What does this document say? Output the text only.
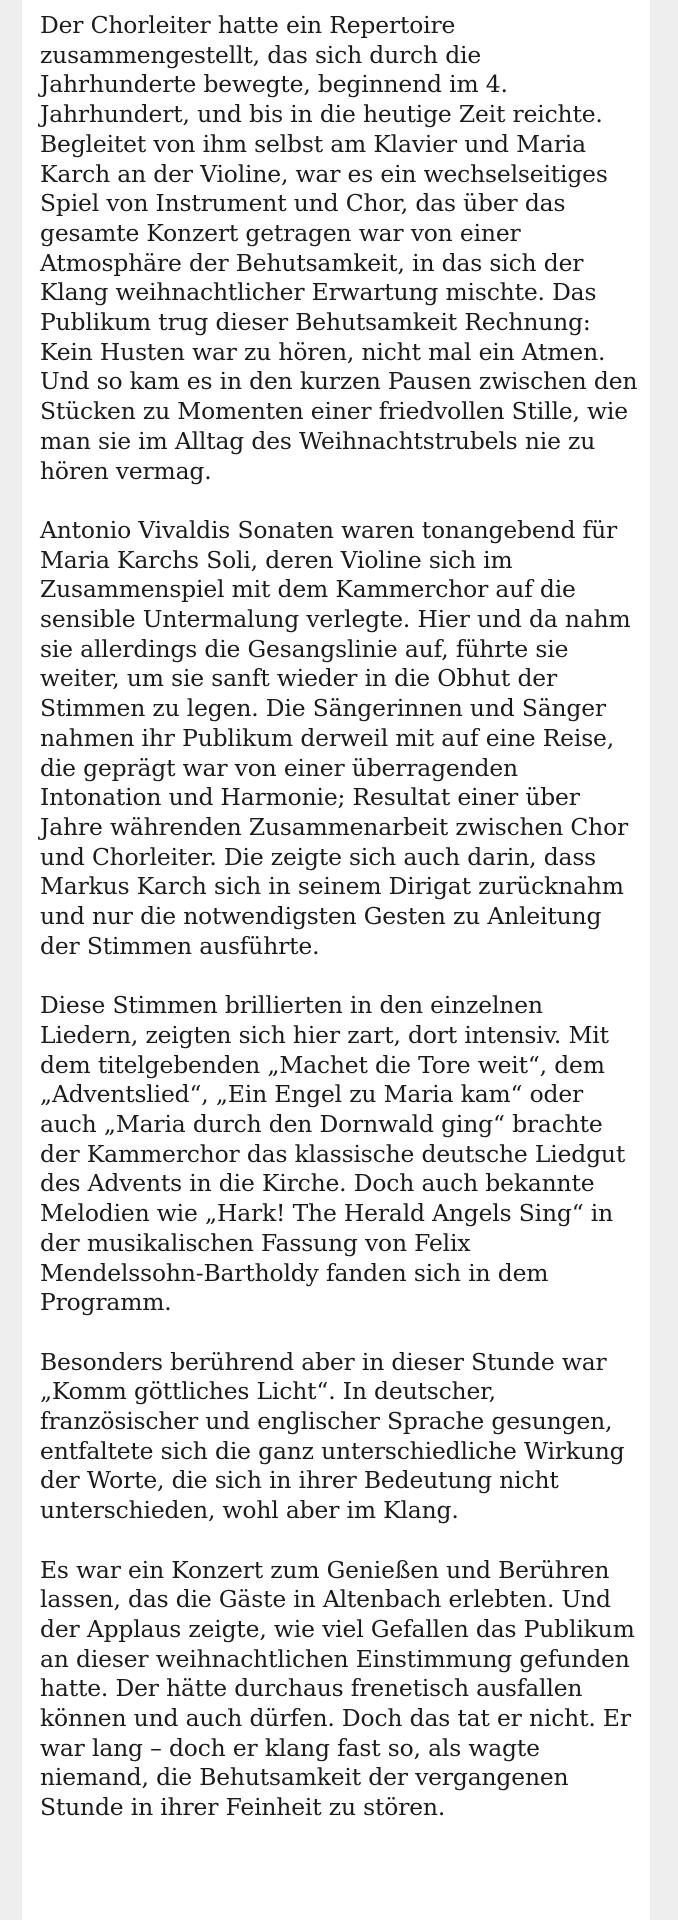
Der Chorleiter hatte ein Repertoire zusammengestellt, das sich durch die Jahrhunderte bewegte, beginnend im 4. Jahrhundert, und bis in die heutige Zeit reichte. Begleitet von ihm selbst am Klavier und Maria Karch an der Violine, war es ein wechselseitiges Spiel von Instrument und Chor, das über das gesamte Konzert getragen war von einer Atmosphäre der Behutsamkeit, in das sich der Klang weihnachtlicher Erwartung mischte. Das Publikum trug dieser Behutsamkeit Rechnung: Kein Husten war zu hören, nicht mal ein Atmen. Und so kam es in den kurzen Pausen zwischen den Stücken zu Momenten einer friedvollen Stille, wie man sie im Alltag des Weihnachtstrubels nie zu hören vermag.

Antonio Vivaldis Sonaten waren tonangebend für Maria Karchs Soli, deren Violine sich im Zusammenspiel mit dem Kammerchor auf die sensible Untermalung verlegte. Hier und da nahm sie allerdings die Gesangslinie auf, führte sie weiter, um sie sanft wieder in die Obhut der Stimmen zu legen. Die Sängerinnen und Sänger nahmen ihr Publikum derweil mit auf eine Reise, die geprägt war von einer überragenden Intonation und Harmonie; Resultat einer über Jahre währenden Zusammenarbeit zwischen Chor und Chorleiter. Die zeigte sich auch darin, dass Markus Karch sich in seinem Dirigat zurücknahm und nur die notwendigsten Gesten zu Anleitung der Stimmen ausführte.

Diese Stimmen brillierten in den einzelnen Liedern, zeigten sich hier zart, dort intensiv. Mit dem titelgebenden „Machet die Tore weit“, dem „Adventslied“, „Ein Engel zu Maria kam“ oder auch „Maria durch den Dornwald ging“ brachte der Kammerchor das klassische deutsche Liedgut des Advents in die Kirche. Doch auch bekannte Melodien wie „Hark! The Herald Angels Sing“ in der musikalischen Fassung von Felix Mendelssohn-Bartholdy fanden sich in dem Programm.

Besonders berührend aber in dieser Stunde war „Komm göttliches Licht“. In deutscher, französischer und englischer Sprache gesungen, entfaltete sich die ganz unterschiedliche Wirkung der Worte, die sich in ihrer Bedeutung nicht unterschieden, wohl aber im Klang.

Es war ein Konzert zum Genießen und Berühren lassen, das die Gäste in Altenbach erlebten. Und der Applaus zeigte, wie viel Gefallen das Publikum an dieser weihnachtlichen Einstimmung gefunden hatte. Der hätte durchaus frenetisch ausfallen können und auch dürfen. Doch das tat er nicht. Er war lang – doch er klang fast so, als wagte niemand, die Behutsamkeit der vergangenen Stunde in ihrer Feinheit zu stören.
